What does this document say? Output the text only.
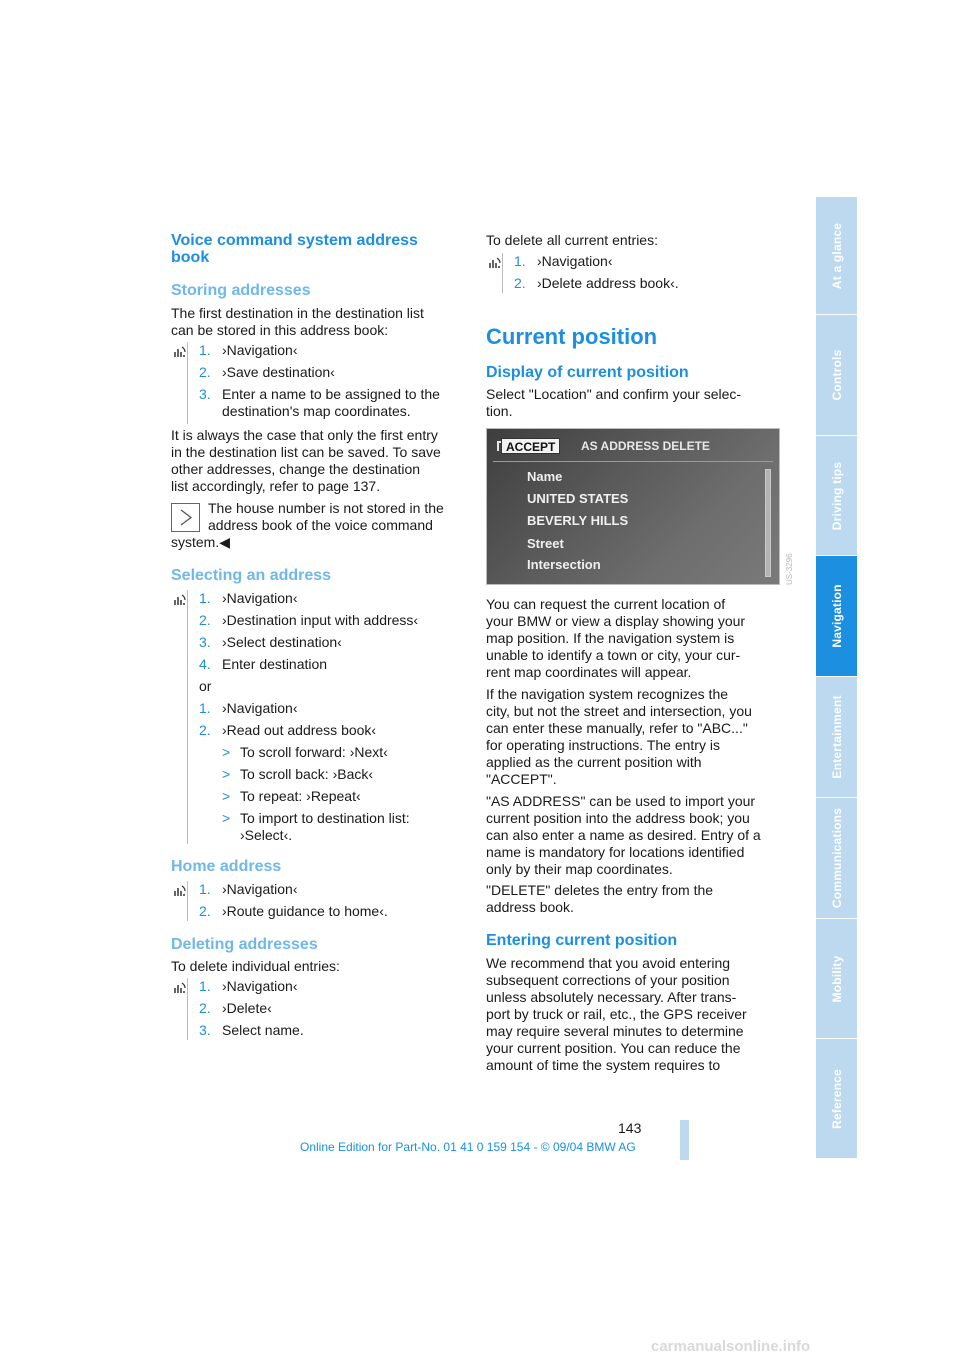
Voice command system address book
Storing addresses
The first destination in the destination list
can be stored in this address book:
1. ›Navigation‹
2. ›Save destination‹
3. Enter a name to be assigned to the
destination's map coordinates.
It is always the case that only the first entry
in the destination list can be saved. To save
other addresses, change the destination
list accordingly, refer to page 137.
The house number is not stored in the
address book of the voice command
system.◀
Selecting an address
1. ›Navigation‹
2. ›Destination input with address‹
3. ›Select destination‹
4. Enter destination
or
1. ›Navigation‹
2. ›Read out address book‹
> To scroll forward: ›Next‹
> To scroll back: ›Back‹
> To repeat: ›Repeat‹
> To import to destination list:
›Select‹.
Home address
1. ›Navigation‹
2. ›Route guidance to home‹.
Deleting addresses
To delete individual entries:
1. ›Navigation‹
2. ›Delete‹
3. Select name.
To delete all current entries:
1. ›Navigation‹
2. ›Delete address book‹.
Current position
Display of current position
Select "Location" and confirm your selec-
tion.
You can request the current location of
your BMW or view a display showing your
map position. If the navigation system is
unable to identify a town or city, your cur-
rent map coordinates will appear.
If the navigation system recognizes the
city, but not the street and intersection, you
can enter these manually, refer to "ABC..."
for operating instructions. The entry is
applied as the current position with
"ACCEPT".
"AS ADDRESS" can be used to import your
current position into the address book; you
can also enter a name as desired. Entry of a
name is mandatory for locations identified
only by their map coordinates.
"DELETE" deletes the entry from the
address book.
Entering current position
We recommend that you avoid entering
subsequent corrections of your position
unless absolutely necessary. After trans-
port by truck or rail, etc., the GPS receiver
may require several minutes to determine
your current position. You can reduce the
amount of time the system requires to
ACCEPT	AS ADDRESS DELETE
Name
UNITED STATES
BEVERLY HILLS
Street
Intersection	US-3296
At a glance
Controls
Driving tips
Navigation
Entertainment
Communications
Mobility
Reference
143
Online Edition for Part-No. 01 41 0 159 154 - © 09/04 BMW AG
carmanualsonline.info
